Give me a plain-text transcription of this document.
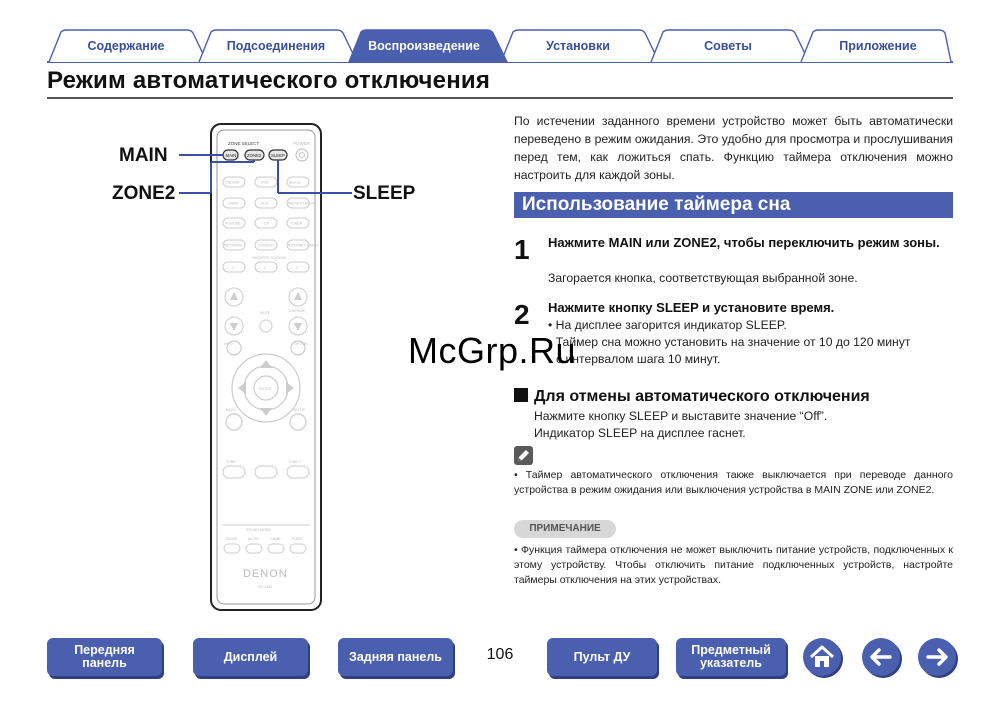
Содержание	Подсоединения	Воспроизведение	Установки	Советы	Приложение
Режим автоматического отключения
ZONE SELECT	POWER
MAIN	ZONE2 SLEEP
CBL/SAT	DVD	Blu-ray
GAME	AUX	MEDIA PLAYER
iPod/USB	CD	TUNER
NETWORK	TV AUDIO	INTERNET RADIO
FAVORITE STATION
1	2	3
MUTE	CH/PAGE
INFO	OPTION
ENTER
BACK	SETUP
TUNE −	TUNE +
SOUND MODE
MOVIE	MUSIC	GAME	PURE
DENON
RC-1183
MAIN
ZONE2	SLEEP
По истечении заданного времени устройство может быть автоматически переведено в режим ожидания. Это удобно для просмотра и прослушивания перед тем, как ложиться спать. Функцию таймера отключения можно настроить для каждой зоны.
Использование таймера сна
1 Нажмите MAIN или ZONE2, чтобы переключить режим зоны.
Загорается кнопка, соответствующая выбранной зоне.
2 Нажмите кнопку SLEEP и установите время.
• На дисплее загорится индикатор SLEEP.
• Таймер сна можно установить на значение от 10 до 120 минут
с интервалом шага 10 минут.
Для отмены автоматического отключения
Нажмите кнопку SLEEP и выставите значение “Off”.
Индикатор SLEEP на дисплее гаснет.
• Таймер автоматического отключения также выключается при переводе данного устройства в режим ожидания или выключения устройства в MAIN ZONE или ZONE2.
ПРИМЕЧАНИЕ
• Функция таймера отключения не может выключить питание устройств, подключенных к этому устройству. Чтобы отключить питание подключенных устройств, настройте таймеры отключения на этих устройствах.
McGrp.Ru
Передняя
панель	Дисплей	Задняя панель	106	Пульт ДУ	Предметный
указатель
